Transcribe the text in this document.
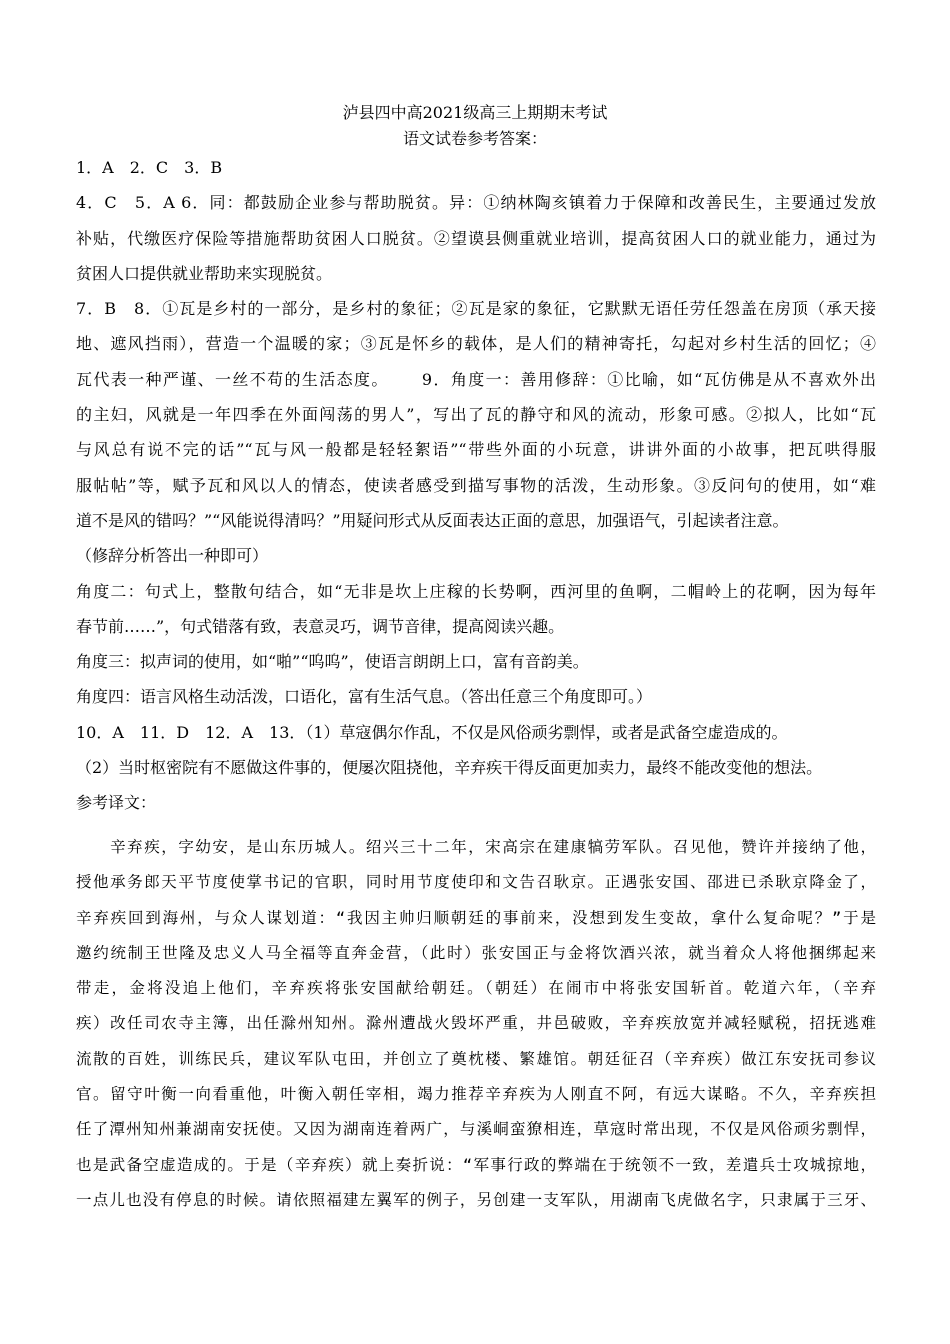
泸县四中高2021级高三上期期末考试
语文试卷参考答案：
1．A　2．C　3．B
4．C　5．A 6．同：都鼓励企业参与帮助脱贫。异：①纳林陶亥镇着力于保障和改善民生，主要通过发放
补贴，代缴医疗保险等措施帮助贫困人口脱贫。②望谟县侧重就业培训，提高贫困人口的就业能力，通过为
贫困人口提供就业帮助来实现脱贫。
7．B　8．①瓦是乡村的一部分，是乡村的象征；②瓦是家的象征，它默默无语任劳任怨盖在房顶（承天接
地、遮风挡雨），营造一个温暖的家；③瓦是怀乡的载体，是人们的精神寄托，勾起对乡村生活的回忆；④
瓦代表一种严谨、一丝不苟的生活态度。　　 9．角度一：善用修辞：①比喻，如“瓦仿佛是从不喜欢外出
的主妇，风就是一年四季在外面闯荡的男人”，写出了瓦的静守和风的流动，形象可感。②拟人，比如“瓦
与风总有说不完的话”“瓦与风一般都是轻轻絮语”“带些外面的小玩意，讲讲外面的小故事，把瓦哄得服
服帖帖”等，赋予瓦和风以人的情态，使读者感受到描写事物的活泼，生动形象。③反问句的使用，如“难
道不是风的错吗？”“风能说得清吗？”用疑问形式从反面表达正面的意思，加强语气，引起读者注意。
（修辞分析答出一种即可）
角度二：句式上，整散句结合，如“无非是坎上庄稼的长势啊，西河里的鱼啊，二帽岭上的花啊，因为每年
春节前……”，句式错落有致，表意灵巧，调节音律，提高阅读兴趣。
角度三：拟声词的使用，如“啪”“呜呜”，使语言朗朗上口，富有音韵美。
角度四：语言风格生动活泼，口语化，富有生活气息。（答出任意三个角度即可。）
10．A　11．D　12．A　13．（1）草寇偶尔作乱，不仅是风俗顽劣剽悍，或者是武备空虚造成的。
（2）当时枢密院有不愿做这件事的，便屡次阻挠他，辛弃疾干得反面更加卖力，最终不能改变他的想法。
参考译文：
　　辛弃疾，字幼安，是山东历城人。绍兴三十二年，宋高宗在建康犒劳军队。召见他，赞许并接纳了他，
授他承务郎天平节度使掌书记的官职，同时用节度使印和文告召耿京。正遇张安国、邵进已杀耿京降金了，
辛弃疾回到海州，与众人谋划道：“我因主帅归顺朝廷的事前来，没想到发生变故，拿什么复命呢？”于是
邀约统制王世隆及忠义人马全福等直奔金营，（此时）张安国正与金将饮酒兴浓，就当着众人将他捆绑起来
带走，金将没追上他们，辛弃疾将张安国献给朝廷。（朝廷）在闹市中将张安国斩首。乾道六年，（辛弃
疾）改任司农寺主簿，出任滁州知州。滁州遭战火毁坏严重，井邑破败，辛弃疾放宽并减轻赋税，招抚逃难
流散的百姓，训练民兵，建议军队屯田，并创立了奠枕楼、繁雄馆。朝廷征召（辛弃疾）做江东安抚司参议
官。留守叶衡一向看重他，叶衡入朝任宰相，竭力推荐辛弃疾为人刚直不阿，有远大谋略。不久，辛弃疾担
任了潭州知州兼湖南安抚使。又因为湖南连着两广，与溪峒蛮獠相连，草寇时常出现，不仅是风俗顽劣剽悍，
也是武备空虚造成的。于是（辛弃疾）就上奏折说：“军事行政的弊端在于统领不一致，差遣兵士攻城掠地，
一点儿也没有停息的时候。请依照福建左翼军的例子，另创建一支军队，用湖南飞虎做名字，只隶属于三牙、
